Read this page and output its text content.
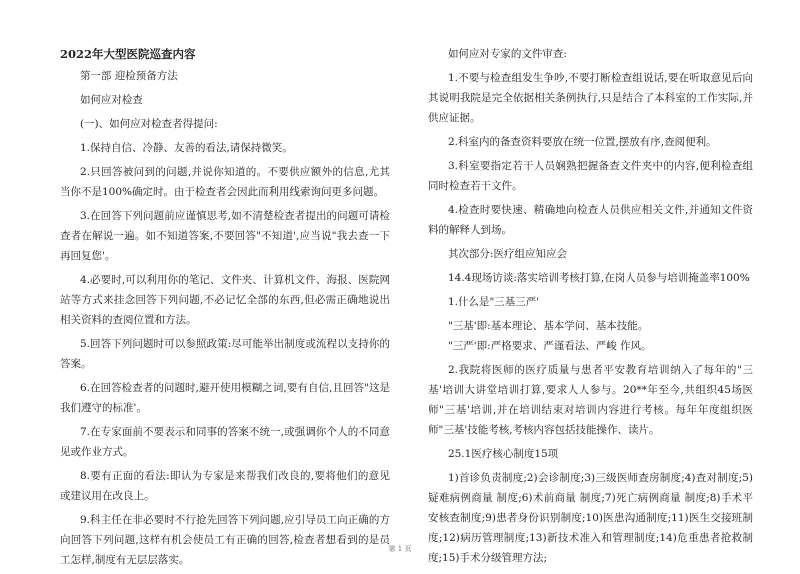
2022年大型医院巡查内容

第一部 迎检预备方法

如何应对检查

(一)、如何应对检查者得提问:

1.保持自信、冷静、友善的看法,请保持微笑。

2.只回答被问到的问题,并说你知道的。不要供应额外的信息,尤其当你不是100%确定时。由于检查者会因此而利用线索询问更多问题。

3.在回答下列问题前应谨慎思考,如不清楚检查者提出的问题可请检查者在解说一遍。如不知道答案,不要回答"不知道',应当说"我去查一下再回复您'。

4.必要时,可以利用你的笔记、文件夹、计算机文件、海报、医院网站等方式来挂念回答下列问题,不必记忆全部的东西,但必需正确地说出相关资料的查阅位置和方法。

5.回答下列问题时可以参照政策:尽可能举出制度或流程以支持你的答案。

6.在回答检查者的问题时,避开使用模糊之词,要有自信,且回答"这是我们遵守的标准'。

7.在专家面前不要表示和同事的答案不统一,或强调你个人的不同意见或作业方式。

8.要有正面的看法:即认为专家是来帮我们改良的,要将他们的意见或建议用在改良上。

9.科主任在非必要时不行抢先回答下列问题,应引导员工向正确的方向回答下列问题,这样有机会使员工有正确的回答,检查者想看到的是员工怎样,制度有无层层落实。

如何应对专家的文件审查:

1.不要与检查组发生争吵,不要打断检查组说话,要在听取意见后向其说明我院是完全依据相关条例执行,只是结合了本科室的工作实际,并供应证据。

2.科室内的备查资料要放在统一位置,摆放有序,查阅便利。

3.科室要指定若干人员娴熟把握备查文件夹中的内容,便利检查组同时检查若干文件。

4.检查时要快速、精确地向检查人员供应相关文件,并通知文件资料的解释人到场。

其次部分:医疗组应知应会

14.4现场访谈:落实培训考核打算,在岗人员参与培训掩盖率100%

1.什么是"三基三严'

"三基'即:基本理论、基本学问、基本技能。

"三严'即:严格要求、严谨看法、严峻 作风。

2.我院将医师的医疗质量与患者平安教育培训纳入了每年的"三基'培训大讲堂培训打算,要求人人参与。20**年至今,共组织45场医师"三基'培训,并在培训结束对培训内容进行考核。每年年度组织医师"三基'技能考核,考核内容包括技能操作、读片。

25.1医疗核心制度15项

1)首诊负责制度;2)会诊制度;3)三级医师查房制度;4)查对制度;5)疑难病例商量 制度;6)术前商量 制度;7)死亡病例商量 制度;8)手术平安核查制度;9)患者身份识别制度;10)医患沟通制度;11)医生交接班制度;12)病历管理制度;13)新技术准入和管理制度;14)危重患者抢救制度;15)手术分级管理方法;

第 1 页
